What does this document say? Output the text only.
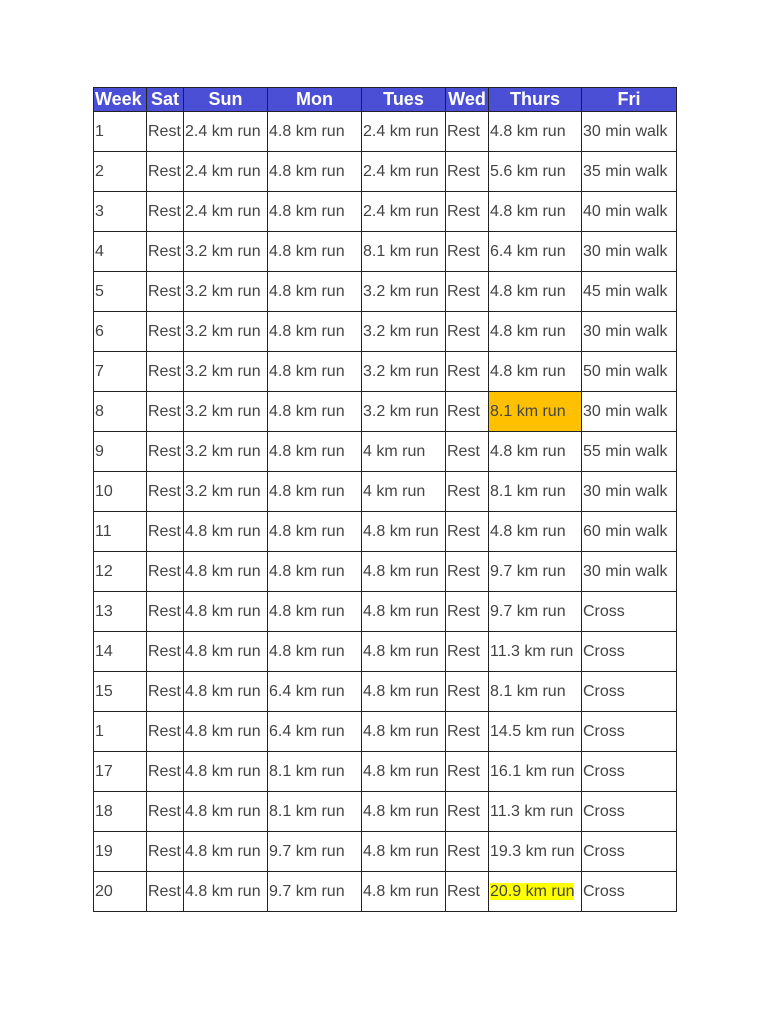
Week	Sat	Sun	Mon	Tues	Wed	Thurs	Fri
1	Rest	2.4 km run	4.8 km run	2.4 km run	Rest	4.8 km run	30 min walk
2	Rest	2.4 km run	4.8 km run	2.4 km run	Rest	5.6 km run	35 min walk
3	Rest	2.4 km run	4.8 km run	2.4 km run	Rest	4.8 km run	40 min walk
4	Rest	3.2 km run	4.8 km run	8.1 km run	Rest	6.4 km run	30 min walk
5	Rest	3.2 km run	4.8 km run	3.2 km run	Rest	4.8 km run	45 min walk
6	Rest	3.2 km run	4.8 km run	3.2 km run	Rest	4.8 km run	30 min walk
7	Rest	3.2 km run	4.8 km run	3.2 km run	Rest	4.8 km run	50 min walk
8	Rest	3.2 km run	4.8 km run	3.2 km run	Rest	8.1 km run	30 min walk
9	Rest	3.2 km run	4.8 km run	4 km run	Rest	4.8 km run	55 min walk
10	Rest	3.2 km run	4.8 km run	4 km run	Rest	8.1 km run	30 min walk
11	Rest	4.8 km run	4.8 km run	4.8 km run	Rest	4.8 km run	60 min walk
12	Rest	4.8 km run	4.8 km run	4.8 km run	Rest	9.7 km run	30 min walk
13	Rest	4.8 km run	4.8 km run	4.8 km run	Rest	9.7 km run	Cross
14	Rest	4.8 km run	4.8 km run	4.8 km run	Rest	11.3 km run	Cross
15	Rest	4.8 km run	6.4 km run	4.8 km run	Rest	8.1 km run	Cross
1	Rest	4.8 km run	6.4 km run	4.8 km run	Rest	14.5 km run	Cross
17	Rest	4.8 km run	8.1 km run	4.8 km run	Rest	16.1 km run	Cross
18	Rest	4.8 km run	8.1 km run	4.8 km run	Rest	11.3 km run	Cross
19	Rest	4.8 km run	9.7 km run	4.8 km run	Rest	19.3 km run	Cross
20	Rest	4.8 km run	9.7 km run	4.8 km run	Rest	20.9 km run	Cross
